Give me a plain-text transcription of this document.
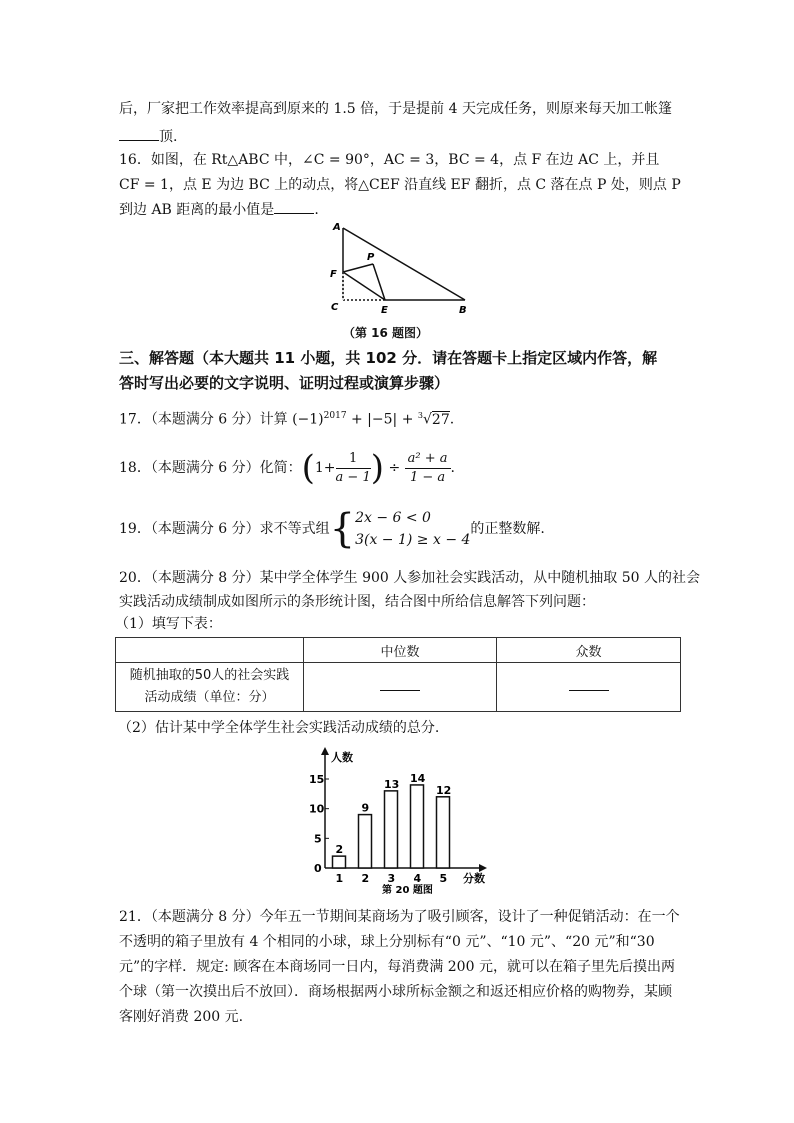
后，厂家把工作效率提高到原来的 1.5 倍，于是提前 4 天完成任务，则原来每天加工帐篷
顶.
16．如图，在 Rt△ABC 中，∠C = 90°，AC = 3，BC = 4，点 F 在边 AC 上，并且
CF = 1，点 E 为边 BC 上的动点，将△CEF 沿直线 EF 翻折，点 C 落在点 P 处，则点 P
到边 AB 距离的最小值是	.
A
F
P
C	E	B
（第 16 题图）
三、解答题（本大题共 11 小题，共 102 分．请在答题卡上指定区域内作答，解
答时写出必要的文字说明、证明过程或演算步骤）
17．（本题满分 6 分）计算 $(-1)^{2017} + |-5| + ^3√27$.
18．（本题满分 6 分）化简：($1+ \frac{1}{a - 1}$ ) ÷ $\frac{\text{a² + a}}{1 - a}$ .
19．（本题满分 6 分）求不等式组{ 2x − 6 < 0
3(x − 1) ≥ x − 4
的正整数解.
20．（本题满分 8 分）某中学全体学生 900 人参加社会实践活动，从中随机抽取 50 人的社会
实践活动成绩制成如图所示的条形统计图，结合图中所给信息解答下列问题：
（1）填写下表：
	中位数	众数

随机抽取的50人的社会实践
活动成绩（单位：分）		

（2）估计某中学全体学生社会实践活动成绩的总分.
0
5
10
15
2
1
9
2
13
3
14
4
12
5
人数
分数
第 20 题图
21．（本题满分 8 分）今年五一节期间某商场为了吸引顾客，设计了一种促销活动：在一个
不透明的箱子里放有 4 个相同的小球，球上分别标有“0 元”、“10 元”、“20 元”和“30
元”的字样．规定: 顾客在本商场同一日内，每消费满 200 元，就可以在箱子里先后摸出两
个球（第一次摸出后不放回）．商场根据两小球所标金额之和返还相应价格的购物券，某顾
客刚好消费 200 元.
